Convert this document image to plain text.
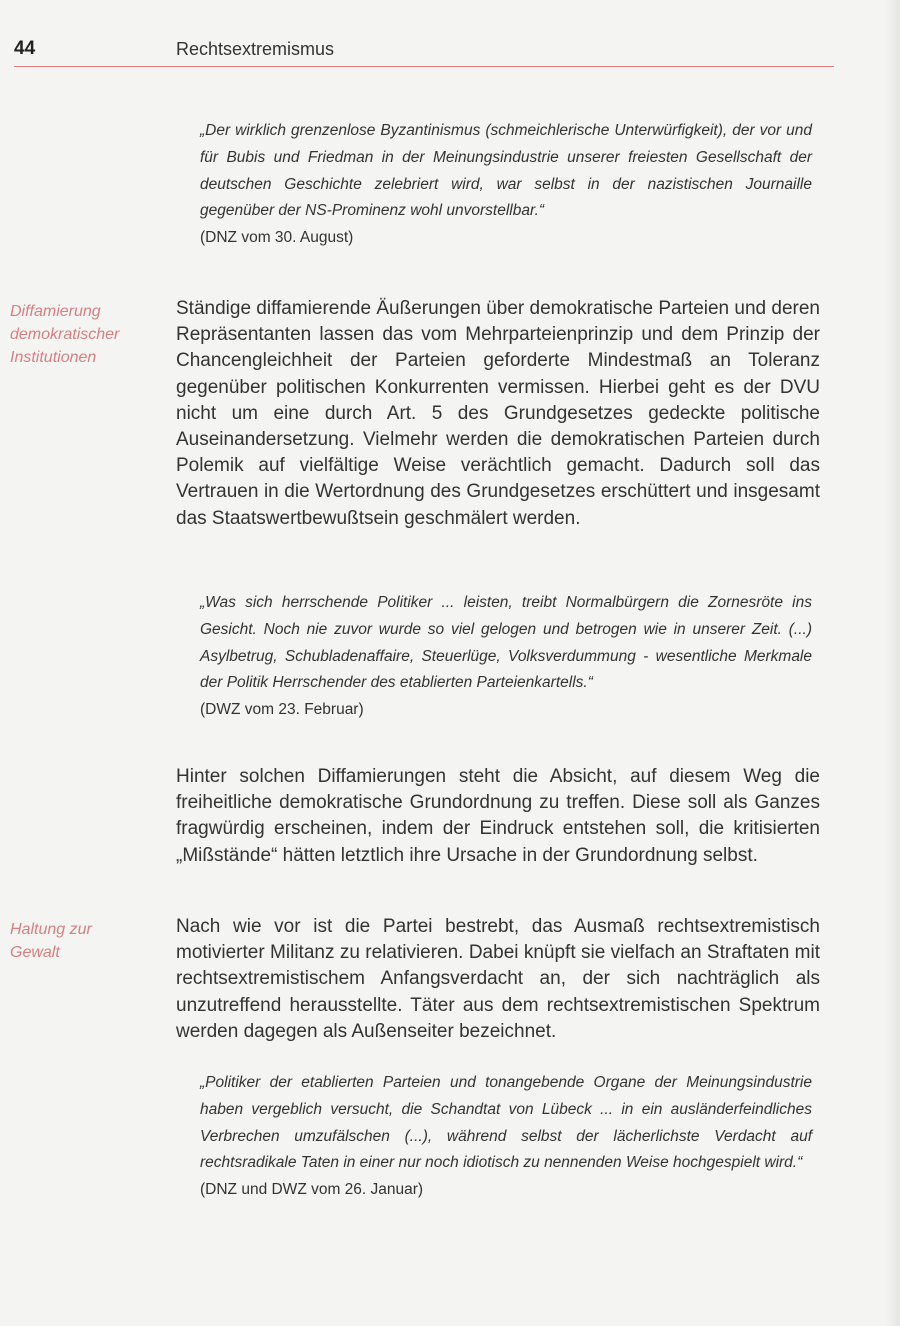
44	Rechtsextremismus

„Der wirklich grenzenlose Byzantinismus (schmeichlerische Unterwürfigkeit), der vor und für Bubis und Friedman in der Meinungsindustrie unserer freiesten Gesellschaft der deutschen Geschichte zelebriert wird, war selbst in der nazistischen Journaille gegenüber der NS-Prominenz wohl unvorstellbar.“

(DNZ vom 30. August)

Diffamierung demokratischer Institutionen

Ständige diffamierende Äußerungen über demokratische Parteien und deren Repräsentanten lassen das vom Mehrparteienprinzip und dem Prinzip der Chancengleichheit der Parteien geforderte Mindestmaß an Toleranz gegenüber politischen Konkurrenten vermissen. Hierbei geht es der DVU nicht um eine durch Art. 5 des Grundgesetzes gedeckte politische Auseinandersetzung. Vielmehr werden die demokratischen Parteien durch Polemik auf vielfältige Weise verächtlich gemacht. Dadurch soll das Vertrauen in die Wertordnung des Grundgesetzes erschüttert und insgesamt das Staatswertbewußtsein geschmälert werden.

„Was sich herrschende Politiker ... leisten, treibt Normalbürgern die Zornesröte ins Gesicht. Noch nie zuvor wurde so viel gelogen und betrogen wie in unserer Zeit. (...) Asylbetrug, Schubladenaffaire, Steuerlüge, Volksverdummung - wesentliche Merkmale der Politik Herrschender des etablierten Parteienkartells.“

(DWZ vom 23. Februar)

Hinter solchen Diffamierungen steht die Absicht, auf diesem Weg die freiheitliche demokratische Grundordnung zu treffen. Diese soll als Ganzes fragwürdig erscheinen, indem der Eindruck entstehen soll, die kritisierten „Mißstände“ hätten letztlich ihre Ursache in der Grundordnung selbst.

Haltung zur Gewalt

Nach wie vor ist die Partei bestrebt, das Ausmaß rechtsextremistisch motivierter Militanz zu relativieren. Dabei knüpft sie vielfach an Straftaten mit rechtsextremistischem Anfangsverdacht an, der sich nachträglich als unzutreffend herausstellte. Täter aus dem rechtsextremistischen Spektrum werden dagegen als Außenseiter bezeichnet.

„Politiker der etablierten Parteien und tonangebende Organe der Meinungsindustrie haben vergeblich versucht, die Schandtat von Lübeck ... in ein ausländerfeindliches Verbrechen umzufälschen (...), während selbst der lächerlichste Verdacht auf rechtsradikale Taten in einer nur noch idiotisch zu nennenden Weise hochgespielt wird.“

(DNZ und DWZ vom 26. Januar)
